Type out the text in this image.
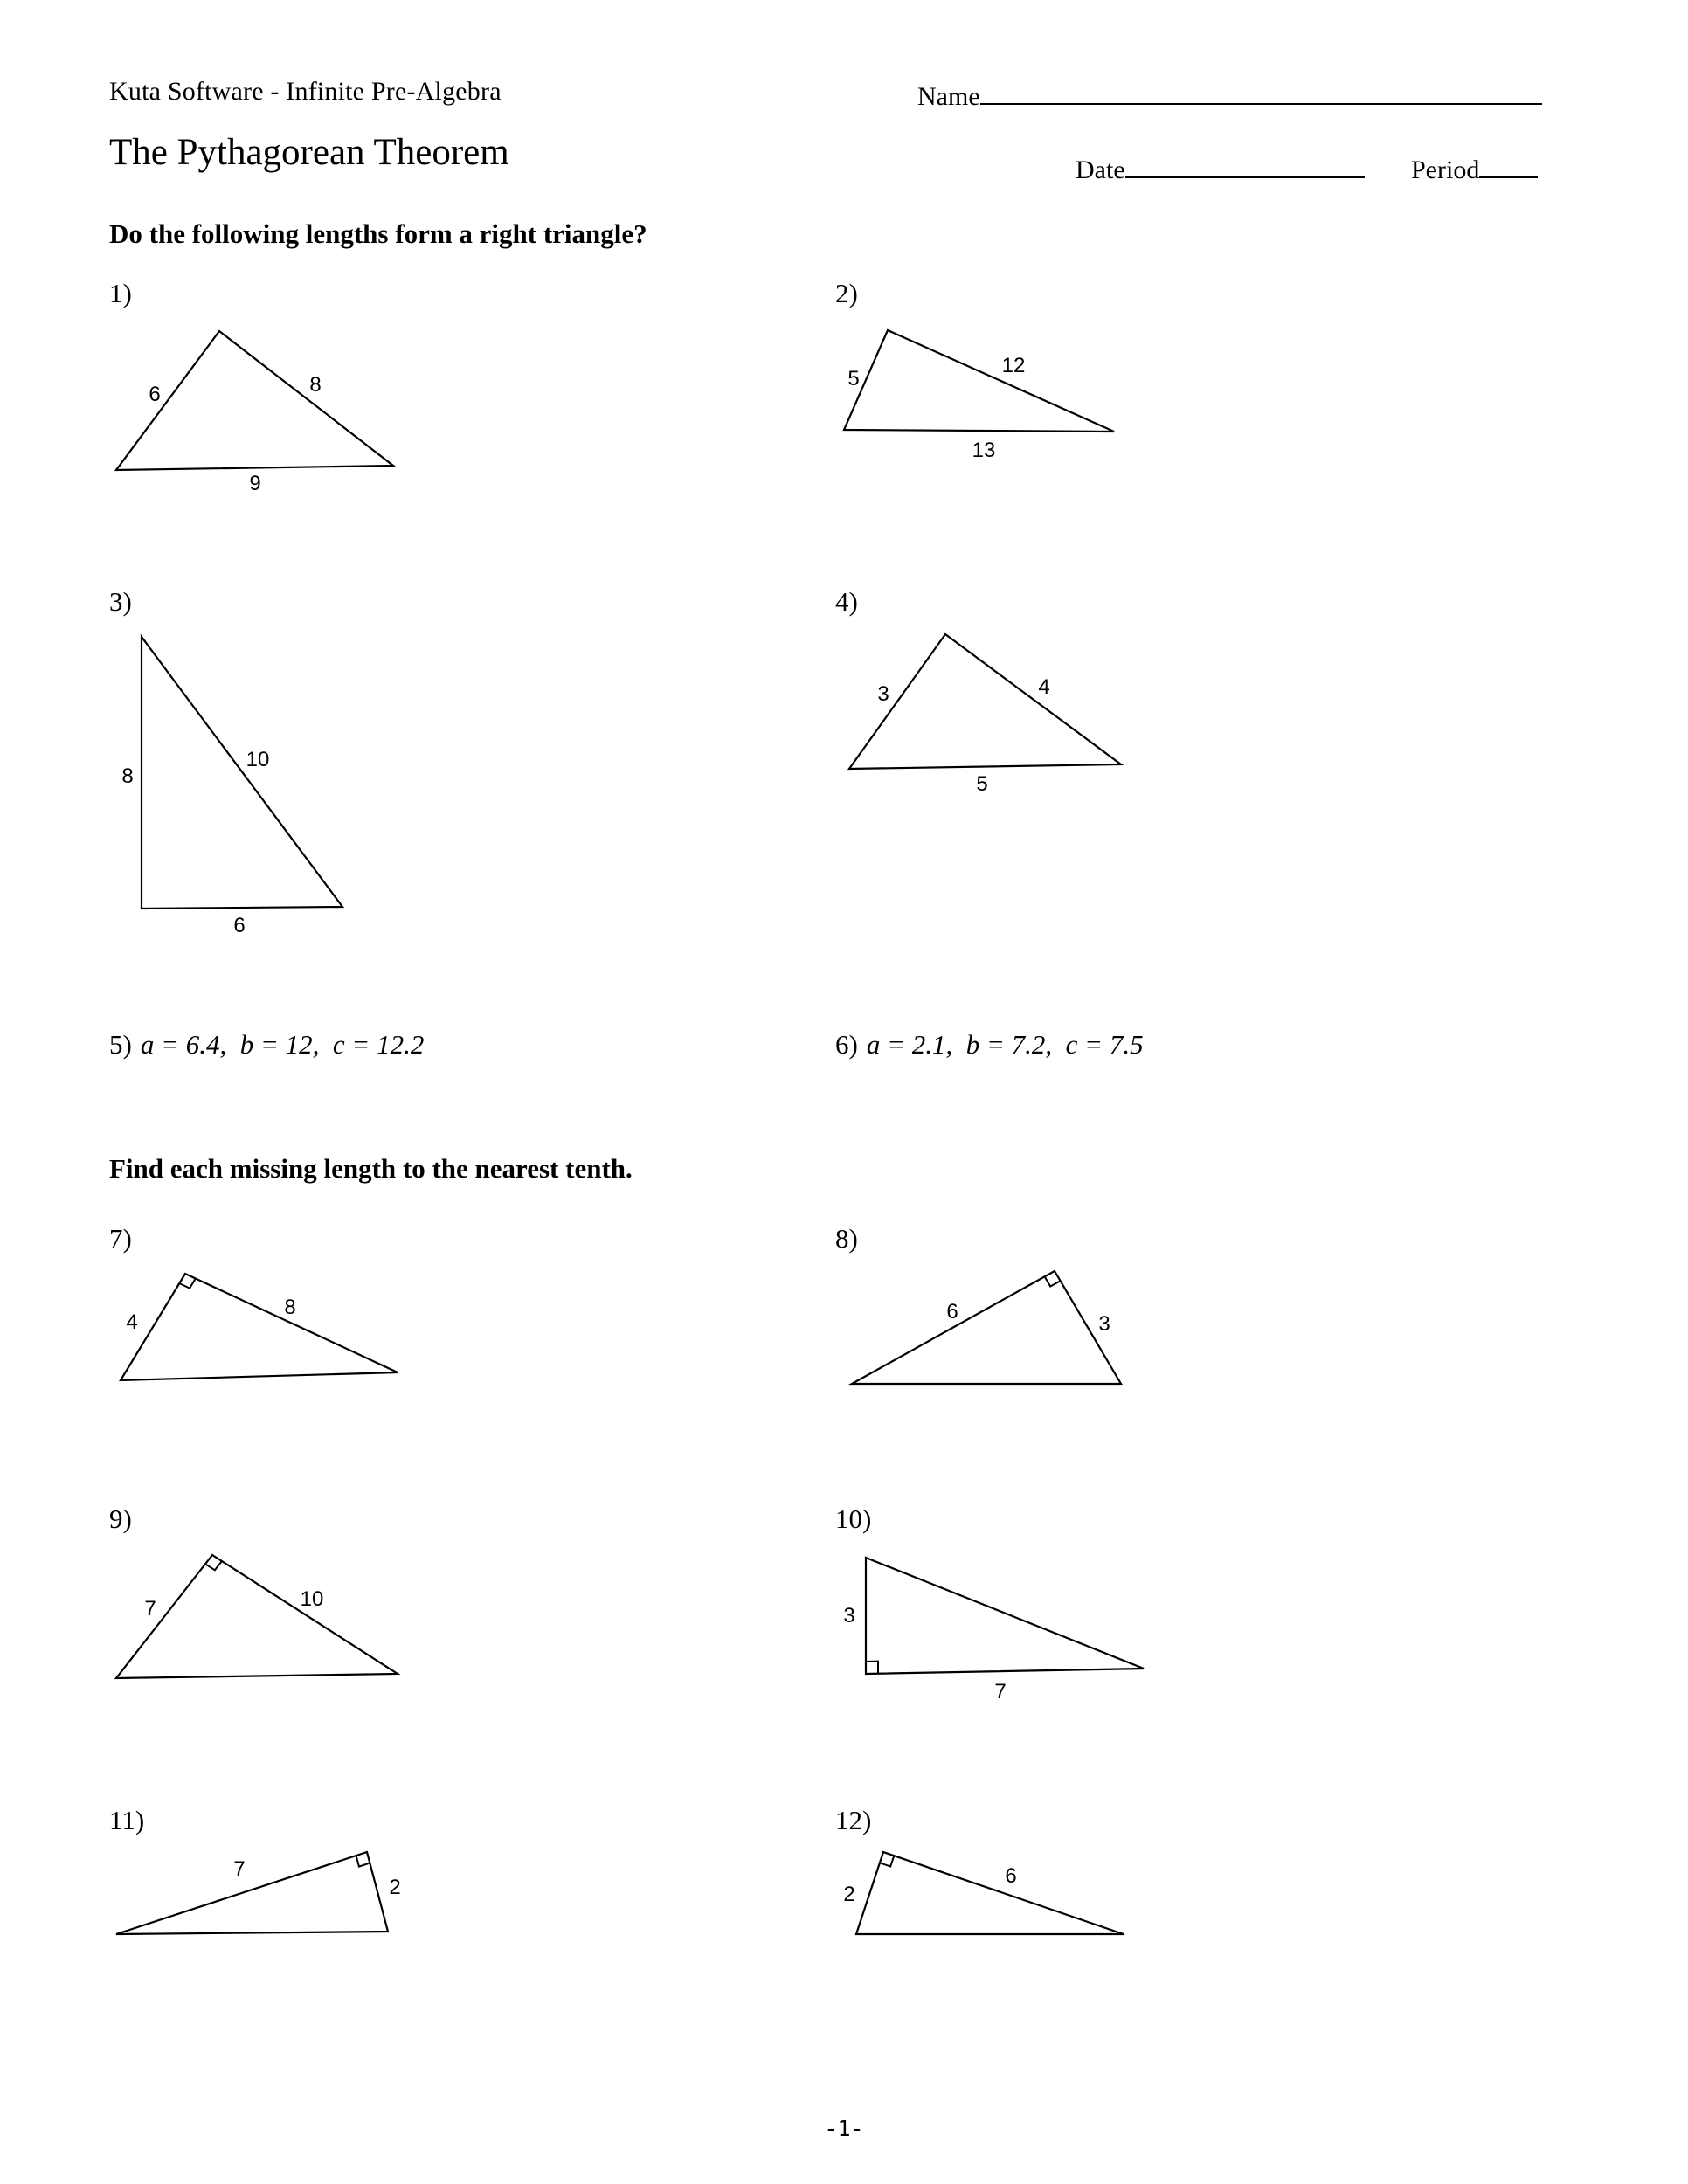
Kuta Software - Infinite Pre-Algebra	Name
The Pythagorean Theorem	Date	Period
Do the following lengths form a right triangle?
1)
6	8
9
2)
5
12
13
3)
8
10
6
4)
3	4
5
5) a = 6.4,  b = 12,  c = 12.2	6) a = 2.1,  b = 7.2,  c = 7.5
Find each missing length to the nearest tenth.
7)
4
8
8)
6
3
9)
7	10
10)
3
7
11)
7
2
12)
2
6
-1-
